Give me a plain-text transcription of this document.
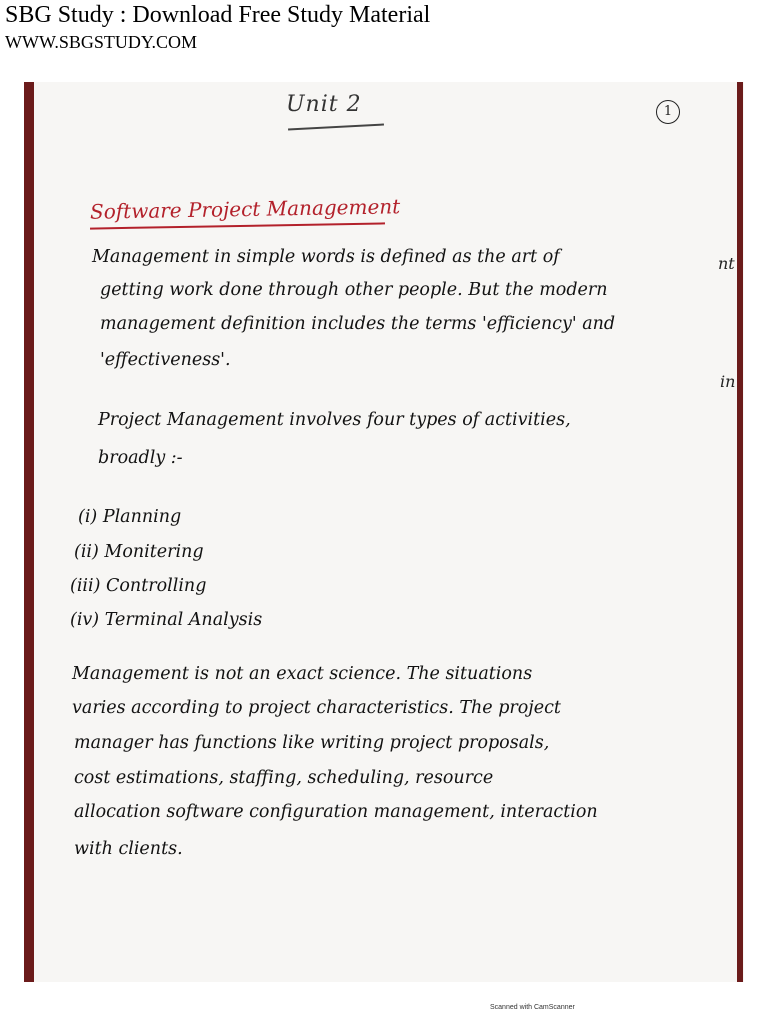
SBG Study : Download Free Study Material
WWW.SBGSTUDY.COM
Unit 2	1
Software Project Management
Management in simple words is defined as the art of
getting work done through other people. But the modern
management definition includes the terms 'efficiency' and
'effectiveness'.
Project Management involves four types of activities,
broadly :-
(i) Planning
(ii) Monitering
(iii) Controlling
(iv) Terminal Analysis
Management is not an exact science. The situations
varies according to project characteristics. The project
manager has functions like writing project proposals,
cost estimations, staffing, scheduling, resource
allocation software configuration management, interaction
with clients.
nt
in
Scanned with CamScanner
